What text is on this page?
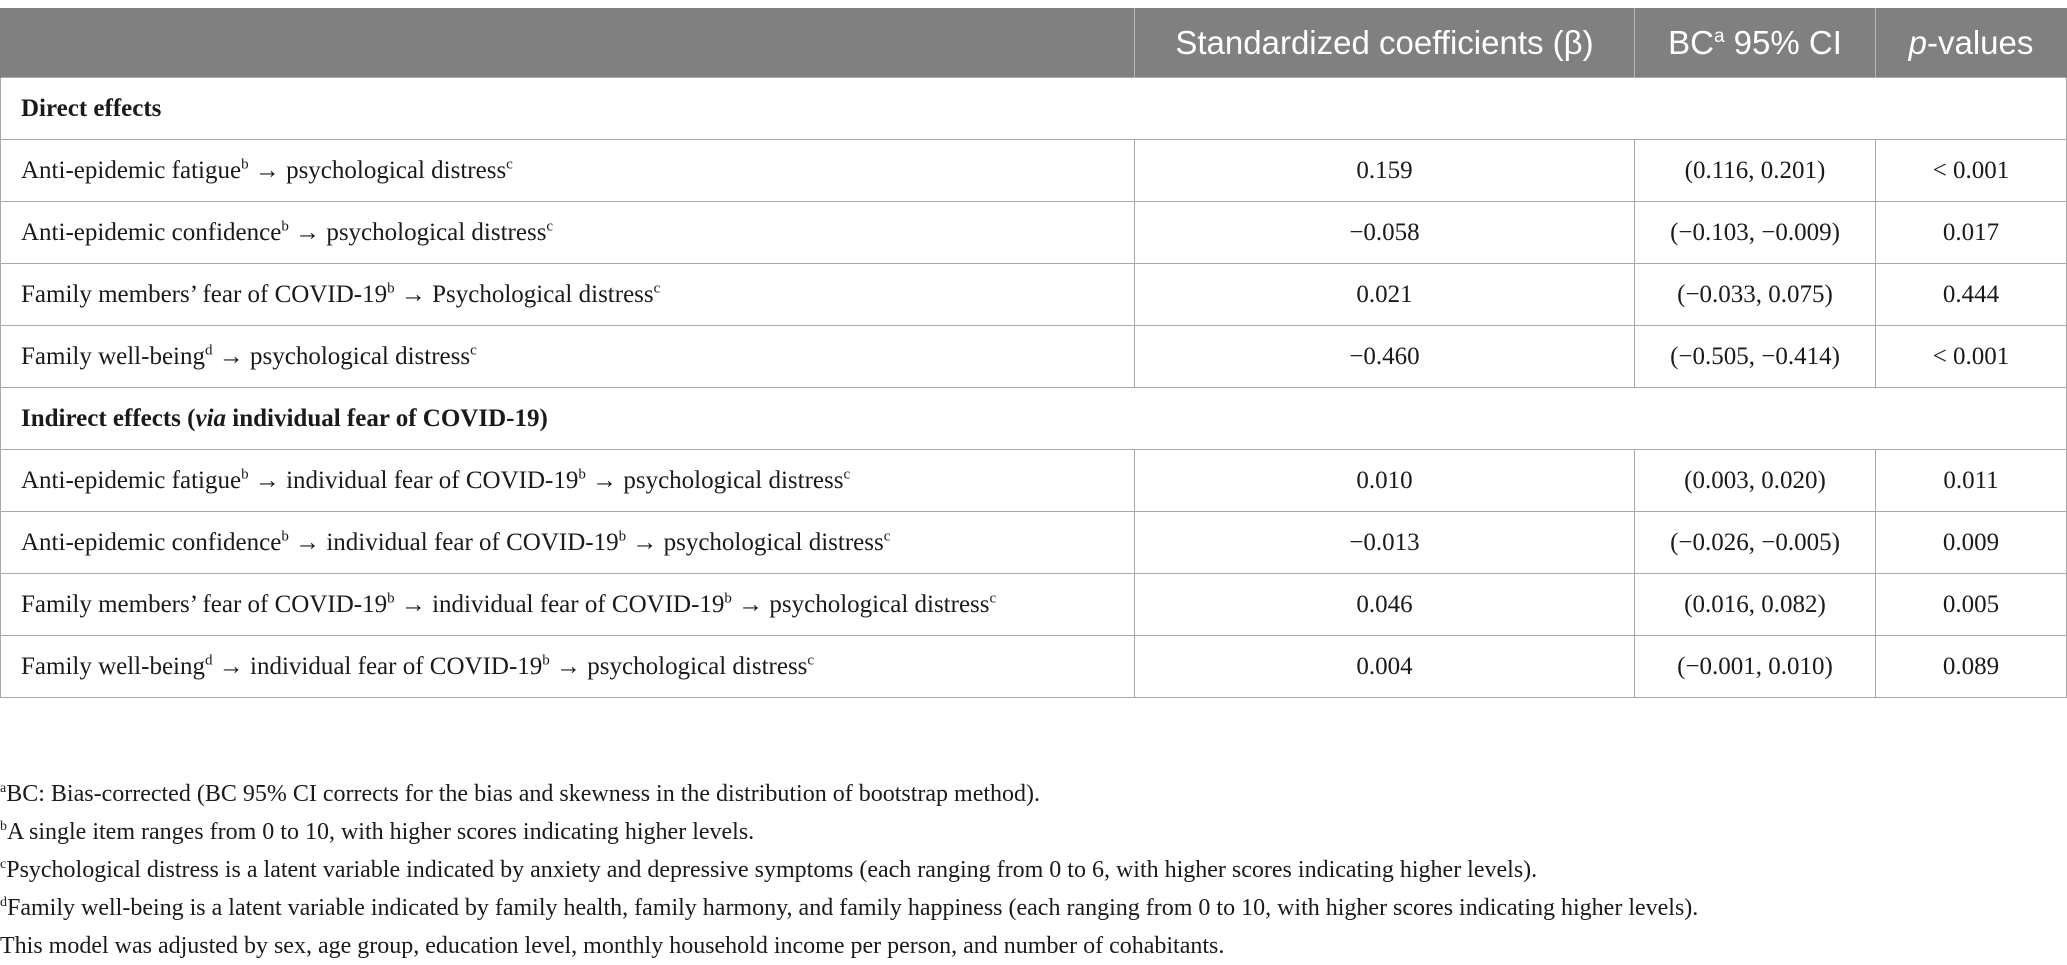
	Standardized coefficients (β)	$BC^a$ 95% CI	p-values
Direct effects			
Anti-epidemic fatigue$^b$ → psychological distress$^c$	0.159	(0.116, 0.201)	< 0.001
Anti-epidemic confidence$^b$ → psychological distress$^c$	−0.058	(−0.103, −0.009)	0.017
Family members’ fear of COVID-$19^b$ → Psychological distress$^c$	0.021	(−0.033, 0.075)	0.444
Family well-being$^d$ → psychological distress$^c$	−0.460	(−0.505, −0.414)	< 0.001
Indirect effects (via individual fear of COVID-19)			
Anti-epidemic fatigue$^b$ → individual fear of COVID-$19^b$ → psychological distress$^c$	0.010	(0.003, 0.020)	0.011
Anti-epidemic confidence$^b$ → individual fear of COVID-$19^b$ → psychological distress$^c$	−0.013	(−0.026, −0.005)	0.009
Family members’ fear of COVID-$19^b$ → individual fear of COVID-$19^b$ → psychological distress$^c$	0.046	(0.016, 0.082)	0.005
Family well-being$^d$ → individual fear of COVID-$19^b$ → psychological distress$^c$	0.004	(−0.001, 0.010)	0.089
$^a$BC: Bias-corrected (BC 95% CI corrects for the bias and skewness in the distribution of bootstrap method).
$^b$A single item ranges from 0 to 10, with higher scores indicating higher levels.
$^c$Psychological distress is a latent variable indicated by anxiety and depressive symptoms (each ranging from 0 to 6, with higher scores indicating higher levels).
$^d$Family well-being is a latent variable indicated by family health, family harmony, and family happiness (each ranging from 0 to 10, with higher scores indicating higher levels).
This model was adjusted by sex, age group, education level, monthly household income per person, and number of cohabitants.
